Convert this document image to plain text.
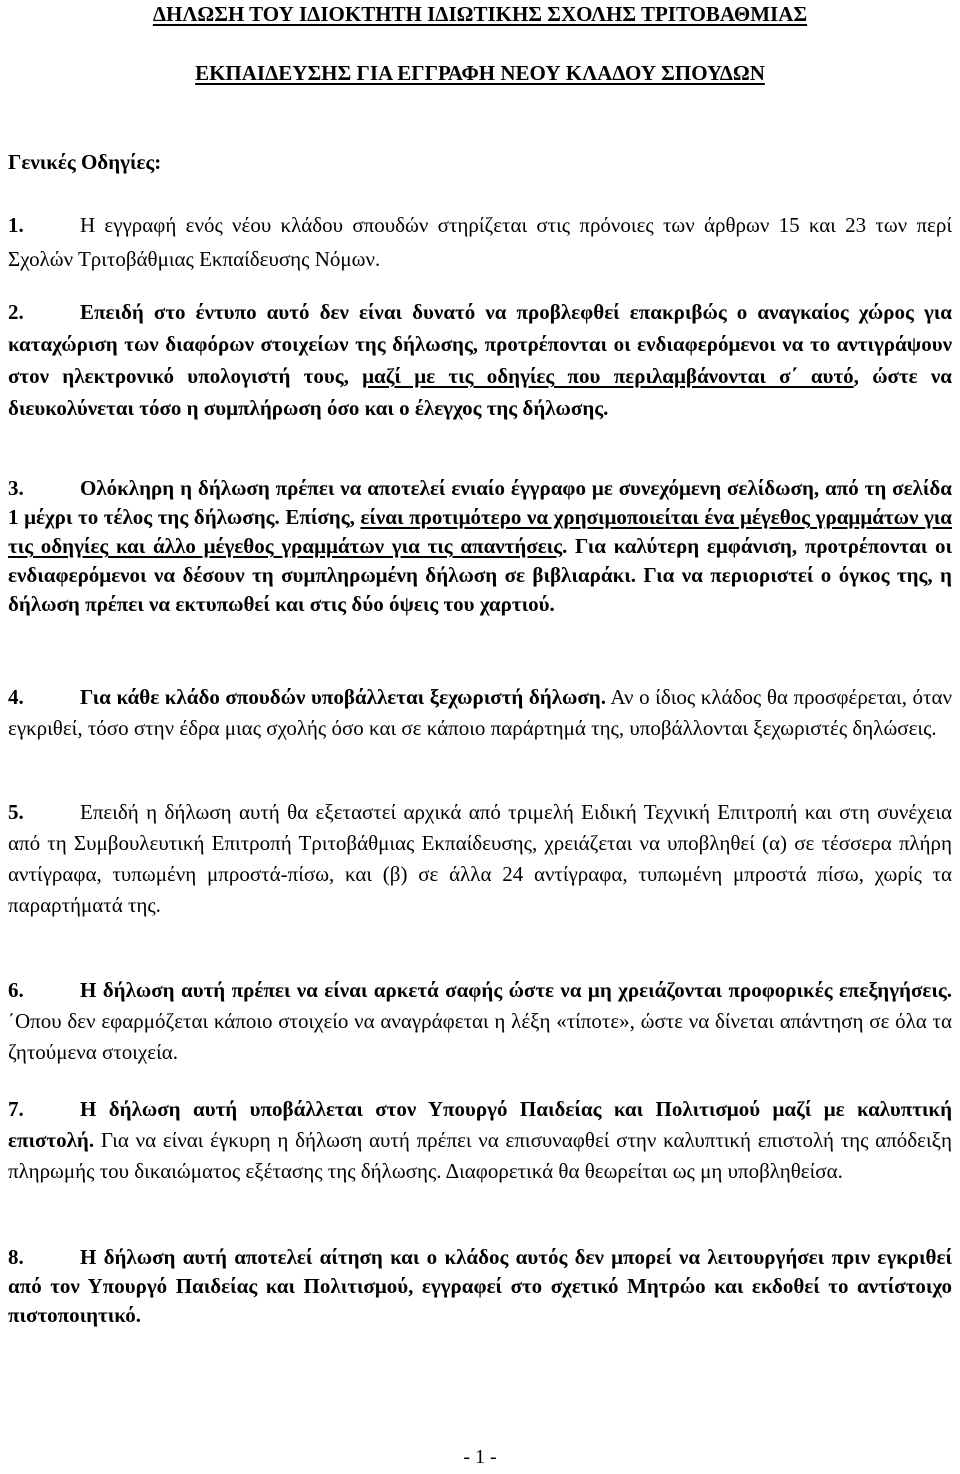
ΔΗΛΩΣΗ ΤΟΥ ΙΔΙΟΚΤΗΤΗ ΙΔΙΩΤΙΚΗΣ ΣΧΟΛΗΣ ΤΡΙΤΟΒΑΘΜΙΑΣ
ΕΚΠΑΙΔΕΥΣΗΣ ΓΙΑ ΕΓΓΡΑΦΗ ΝΕΟΥ ΚΛΑΔΟΥ ΣΠΟΥΔΩΝ
Γενικές Οδηγίες:
1.	Η εγγραφή ενός νέου κλάδου σπουδών στηρίζεται στις πρόνοιες των άρθρων 15 και 23 των περί Σχολών Τριτοβάθμιας Εκπαίδευσης Νόμων.
2.	Επειδή στο έντυπο αυτό δεν είναι δυνατό να προβλεφθεί επακριβώς ο αναγκαίος χώρος για καταχώριση των διαφόρων στοιχείων της δήλωσης, προτρέπονται οι ενδιαφερόμενοι να το αντιγράψουν στον ηλεκτρονικό υπολογιστή τους, μαζί με τις οδηγίες που περιλαμβάνονται σ΄ αυτό, ώστε να διευκολύνεται τόσο η συμπλήρωση όσο και ο έλεγχος της δήλωσης.
3.	Ολόκληρη η δήλωση πρέπει να αποτελεί ενιαίο έγγραφο με συνεχόμενη σελίδωση, από τη σελίδα 1 μέχρι το τέλος της δήλωσης. Επίσης, είναι προτιμότερο να χρησιμοποιείται ένα μέγεθος γραμμάτων για τις οδηγίες και άλλο μέγεθος γραμμάτων για τις απαντήσεις. Για καλύτερη εμφάνιση, προτρέπονται οι ενδιαφερόμενοι να δέσουν τη συμπληρωμένη δήλωση σε βιβλιαράκι. Για να περιοριστεί ο όγκος της, η δήλωση πρέπει να εκτυπωθεί και στις δύο όψεις του χαρτιού.
4.	Για κάθε κλάδο σπουδών υποβάλλεται ξεχωριστή δήλωση. Αν ο ίδιος κλάδος θα προσφέρεται, όταν εγκριθεί, τόσο στην έδρα μιας σχολής όσο και σε κάποιο παράρτημά της, υποβάλλονται ξεχωριστές δηλώσεις.
5.	Επειδή η δήλωση αυτή θα εξεταστεί αρχικά από τριμελή Ειδική Τεχνική Επιτροπή και στη συνέχεια από τη Συμβουλευτική Επιτροπή Τριτοβάθμιας Εκπαίδευσης, χρειάζεται να υποβληθεί (α) σε τέσσερα πλήρη αντίγραφα, τυπωμένη μπροστά-πίσω, και (β) σε άλλα 24 αντίγραφα, τυπωμένη μπροστά πίσω, χωρίς τα παραρτήματά της.
6.	Η δήλωση αυτή πρέπει να είναι αρκετά σαφής ώστε να μη χρειάζονται προφορικές επεξηγήσεις. ΄Οπου δεν εφαρμόζεται κάποιο στοιχείο να αναγράφεται η λέξη «τίποτε», ώστε να δίνεται απάντηση σε όλα τα ζητούμενα στοιχεία.
7.	Η δήλωση αυτή υποβάλλεται στον Υπουργό Παιδείας και Πολιτισμού μαζί με καλυπτική επιστολή. Για να είναι έγκυρη η δήλωση αυτή πρέπει να επισυναφθεί στην καλυπτική επιστολή της απόδειξη πληρωμής του δικαιώματος εξέτασης της δήλωσης. Διαφορετικά θα θεωρείται ως μη υποβληθείσα.
8.	Η δήλωση αυτή αποτελεί αίτηση και ο κλάδος αυτός δεν μπορεί να λειτουργήσει πριν εγκριθεί από τον Υπουργό Παιδείας και Πολιτισμού, εγγραφεί στο σχετικό Μητρώο και εκδοθεί το αντίστοιχο πιστοποιητικό.
- 1 -
